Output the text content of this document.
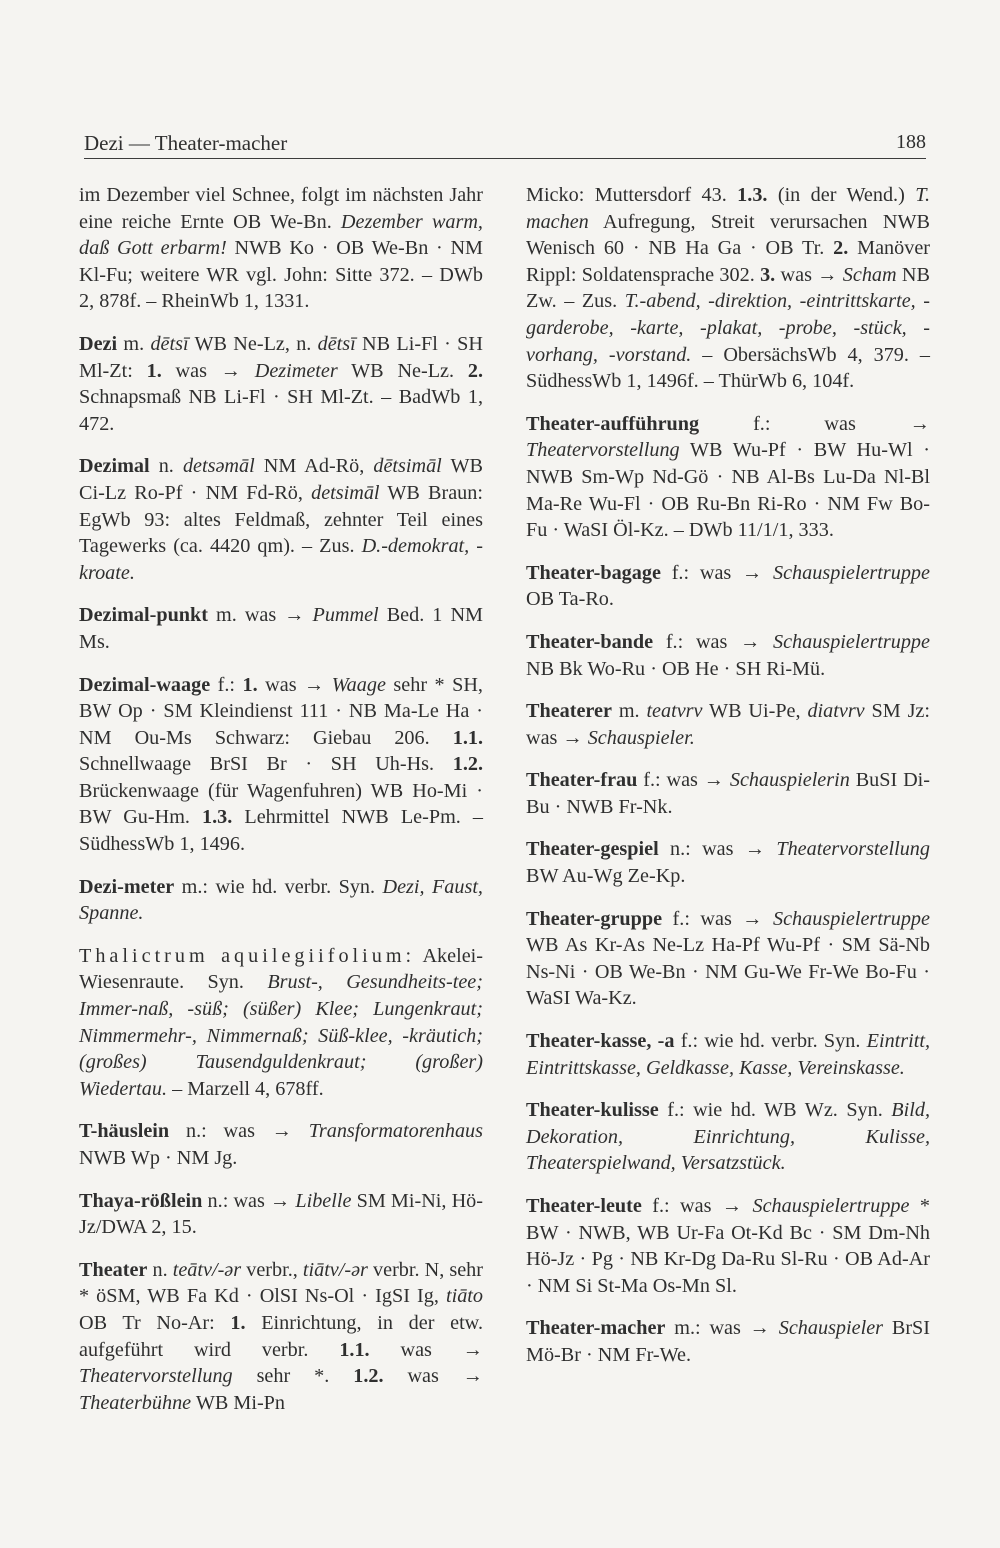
Dezi — Theater-macher	188

im Dezember viel Schnee, folgt im nächsten Jahr eine reiche Ernte OB We-Bn. Dezember warm, daß Gott erbarm! NWB Ko · OB We-Bn · NM Kl-Fu; weitere WR vgl. John: Sitte 372. – DWb 2, 878f. – RheinWb 1, 1331.

Dezi m. dētsī WB Ne-Lz, n. dētsī NB Li-Fl · SH Ml-Zt: 1. was → Dezimeter WB Ne-Lz. 2. Schnapsmaß NB Li-Fl · SH Ml-Zt. – BadWb 1, 472.

Dezimal n. detsəmāl NM Ad-Rö, dētsimāl WB Ci-Lz Ro-Pf · NM Fd-Rö, detsimāl WB Braun: EgWb 93: altes Feldmaß, zehnter Teil eines Tagewerks (ca. 4420 qm). – Zus. D.-demokrat, -kroate.

Dezimal-punkt m. was → Pummel Bed. 1 NM Ms.

Dezimal-waage f.: 1. was → Waage sehr * SH, BW Op · SM Kleindienst 111 · NB Ma-Le Ha · NM Ou-Ms Schwarz: Giebau 206. 1.1. Schnellwaage BrSI Br · SH Uh-Hs. 1.2. Brückenwaage (für Wagenfuhren) WB Ho-Mi · BW Gu-Hm. 1.3. Lehrmittel NWB Le-Pm. – SüdhessWb 1, 1496.

Dezi-meter m.: wie hd. verbr. Syn. Dezi, Faust, Spanne.

Thalictrum aquilegiifolium: Akelei-Wiesenraute. Syn. Brust-, Gesundheits-tee; Immer-naß, -süß; (süßer) Klee; Lungenkraut; Nimmermehr-, Nimmernaß; Süß-klee, -kräutich; (großes) Tausendguldenkraut; (großer) Wiedertau. – Marzell 4, 678ff.

T-häuslein n.: was → Transformatorenhaus NWB Wp · NM Jg.

Thaya-rößlein n.: was → Libelle SM Mi-Ni, Hö-Jz/DWA 2, 15.

Theater n. teātv/-ər verbr., tiātv/-ər verbr. N, sehr * öSM, WB Fa Kd · OlSI Ns-Ol · IgSI Ig, tiāto OB Tr No-Ar: 1. Einrichtung, in der etw. aufgeführt wird verbr. 1.1. was → Theatervorstellung sehr *. 1.2. was → Theaterbühne WB Mi-Pn

Micko: Muttersdorf 43. 1.3. (in der Wend.) T. machen Aufregung, Streit verursachen NWB Wenisch 60 · NB Ha Ga · OB Tr. 2. Manöver Rippl: Soldatensprache 302. 3. was → Scham NB Zw. – Zus. T.-abend, -direktion, -eintrittskarte, -garderobe, -karte, -plakat, -probe, -stück, -vorhang, -vorstand. – ObersächsWb 4, 379. – SüdhessWb 1, 1496f. – ThürWb 6, 104f.

Theater-aufführung f.: was → Theatervorstellung WB Wu-Pf · BW Hu-Wl · NWB Sm-Wp Nd-Gö · NB Al-Bs Lu-Da Nl-Bl Ma-Re Wu-Fl · OB Ru-Bn Ri-Ro · NM Fw Bo-Fu · WaSI Öl-Kz. – DWb 11/1/1, 333.

Theater-bagage f.: was → Schauspielertruppe OB Ta-Ro.

Theater-bande f.: was → Schauspielertruppe NB Bk Wo-Ru · OB He · SH Ri-Mü.

Theaterer m. teatvrv WB Ui-Pe, diatvrv SM Jz: was → Schauspieler.

Theater-frau f.: was → Schauspielerin BuSI Di-Bu · NWB Fr-Nk.

Theater-gespiel n.: was → Theatervorstellung BW Au-Wg Ze-Kp.

Theater-gruppe f.: was → Schauspielertruppe WB As Kr-As Ne-Lz Ha-Pf Wu-Pf · SM Sä-Nb Ns-Ni · OB We-Bn · NM Gu-We Fr-We Bo-Fu · WaSI Wa-Kz.

Theater-kasse, -a f.: wie hd. verbr. Syn. Eintritt, Eintrittskasse, Geldkasse, Kasse, Vereinskasse.

Theater-kulisse f.: wie hd. WB Wz. Syn. Bild, Dekoration, Einrichtung, Kulisse, Theaterspielwand, Versatzstück.

Theater-leute f.: was → Schauspielertruppe * BW · NWB, WB Ur-Fa Ot-Kd Bc · SM Dm-Nh Hö-Jz · Pg · NB Kr-Dg Da-Ru Sl-Ru · OB Ad-Ar · NM Si St-Ma Os-Mn Sl.

Theater-macher m.: was → Schauspieler BrSI Mö-Br · NM Fr-We.
